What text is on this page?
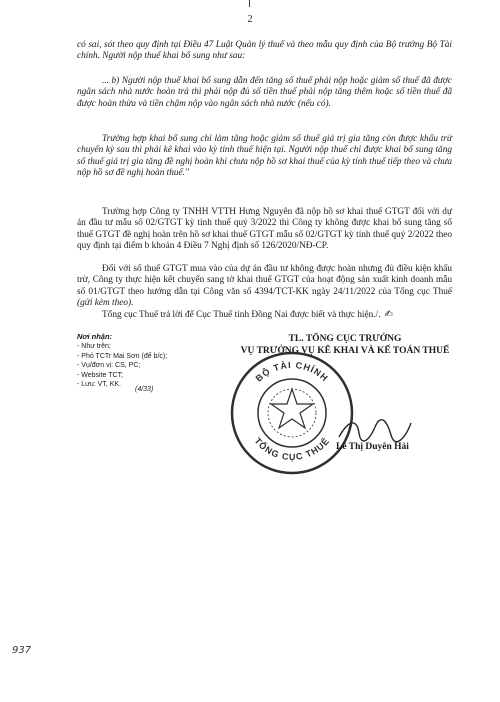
2

có sai, sót theo quy định tại Điều 47 Luật Quản lý thuế và theo mẫu quy định của Bộ trưởng Bộ Tài chính. Người nộp thuế khai bổ sung như sau:

... b) Người nộp thuế khai bổ sung dẫn đến tăng số thuế phải nộp hoặc giảm số thuế đã được ngân sách nhà nước hoàn trả thì phải nộp đủ số tiền thuế phải nộp tăng thêm hoặc số tiền thuế đã được hoàn thừa và tiền chậm nộp vào ngân sách nhà nước (nếu có).

Trường hợp khai bổ sung chỉ làm tăng hoặc giảm số thuế giá trị gia tăng còn được khấu trừ chuyển kỳ sau thì phải kê khai vào kỳ tính thuế hiện tại. Người nộp thuế chỉ được khai bổ sung tăng số thuế giá trị gia tăng đề nghị hoàn khi chưa nộp hồ sơ khai thuế của kỳ tính thuế tiếp theo và chưa nộp hồ sơ đề nghị hoàn thuế."

Trường hợp Công ty TNHH VTTH Hưng Nguyên đã nộp hồ sơ khai thuế GTGT đối với dự án đầu tư mẫu số 02/GTGT kỳ tính thuế quý 3/2022 thì Công ty không được khai bổ sung tăng số thuế GTGT đề nghị hoàn trên hồ sơ khai thuế GTGT mẫu số 02/GTGT kỳ tính thuế quý 2/2022 theo quy định tại điểm b khoản 4 Điều 7 Nghị định số 126/2020/NĐ-CP.

Đối với số thuế GTGT mua vào của dự án đầu tư không được hoàn nhưng đủ điều kiện khấu trừ, Công ty thực hiện kết chuyển sang tờ khai thuế GTGT của hoạt động sản xuất kinh doanh mẫu số 01/GTGT theo hướng dẫn tại Công văn số 4394/TCT-KK ngày 24/11/2022 của Tổng cục Thuế (gửi kèm theo).

Tổng cục Thuế trả lời để Cục Thuế tỉnh Đồng Nai được biết và thực hiện./. ✍

Nơi nhận:
- Như trên;
- Phó TCTr Mai Sơn (để b/c);
- Vụ/đơn vị: CS, PC;
- Website TCT;
- Lưu: VT, KK.
(4/33)
TL. TỔNG CỤC TRƯỞNG
VỤ TRƯỞNG VỤ KÊ KHAI VÀ KẾ TOÁN THUẾ
BỘ TÀI CHÍNH
TỔNG CỤC THUẾ Lê Thị Duyên Hải
937
